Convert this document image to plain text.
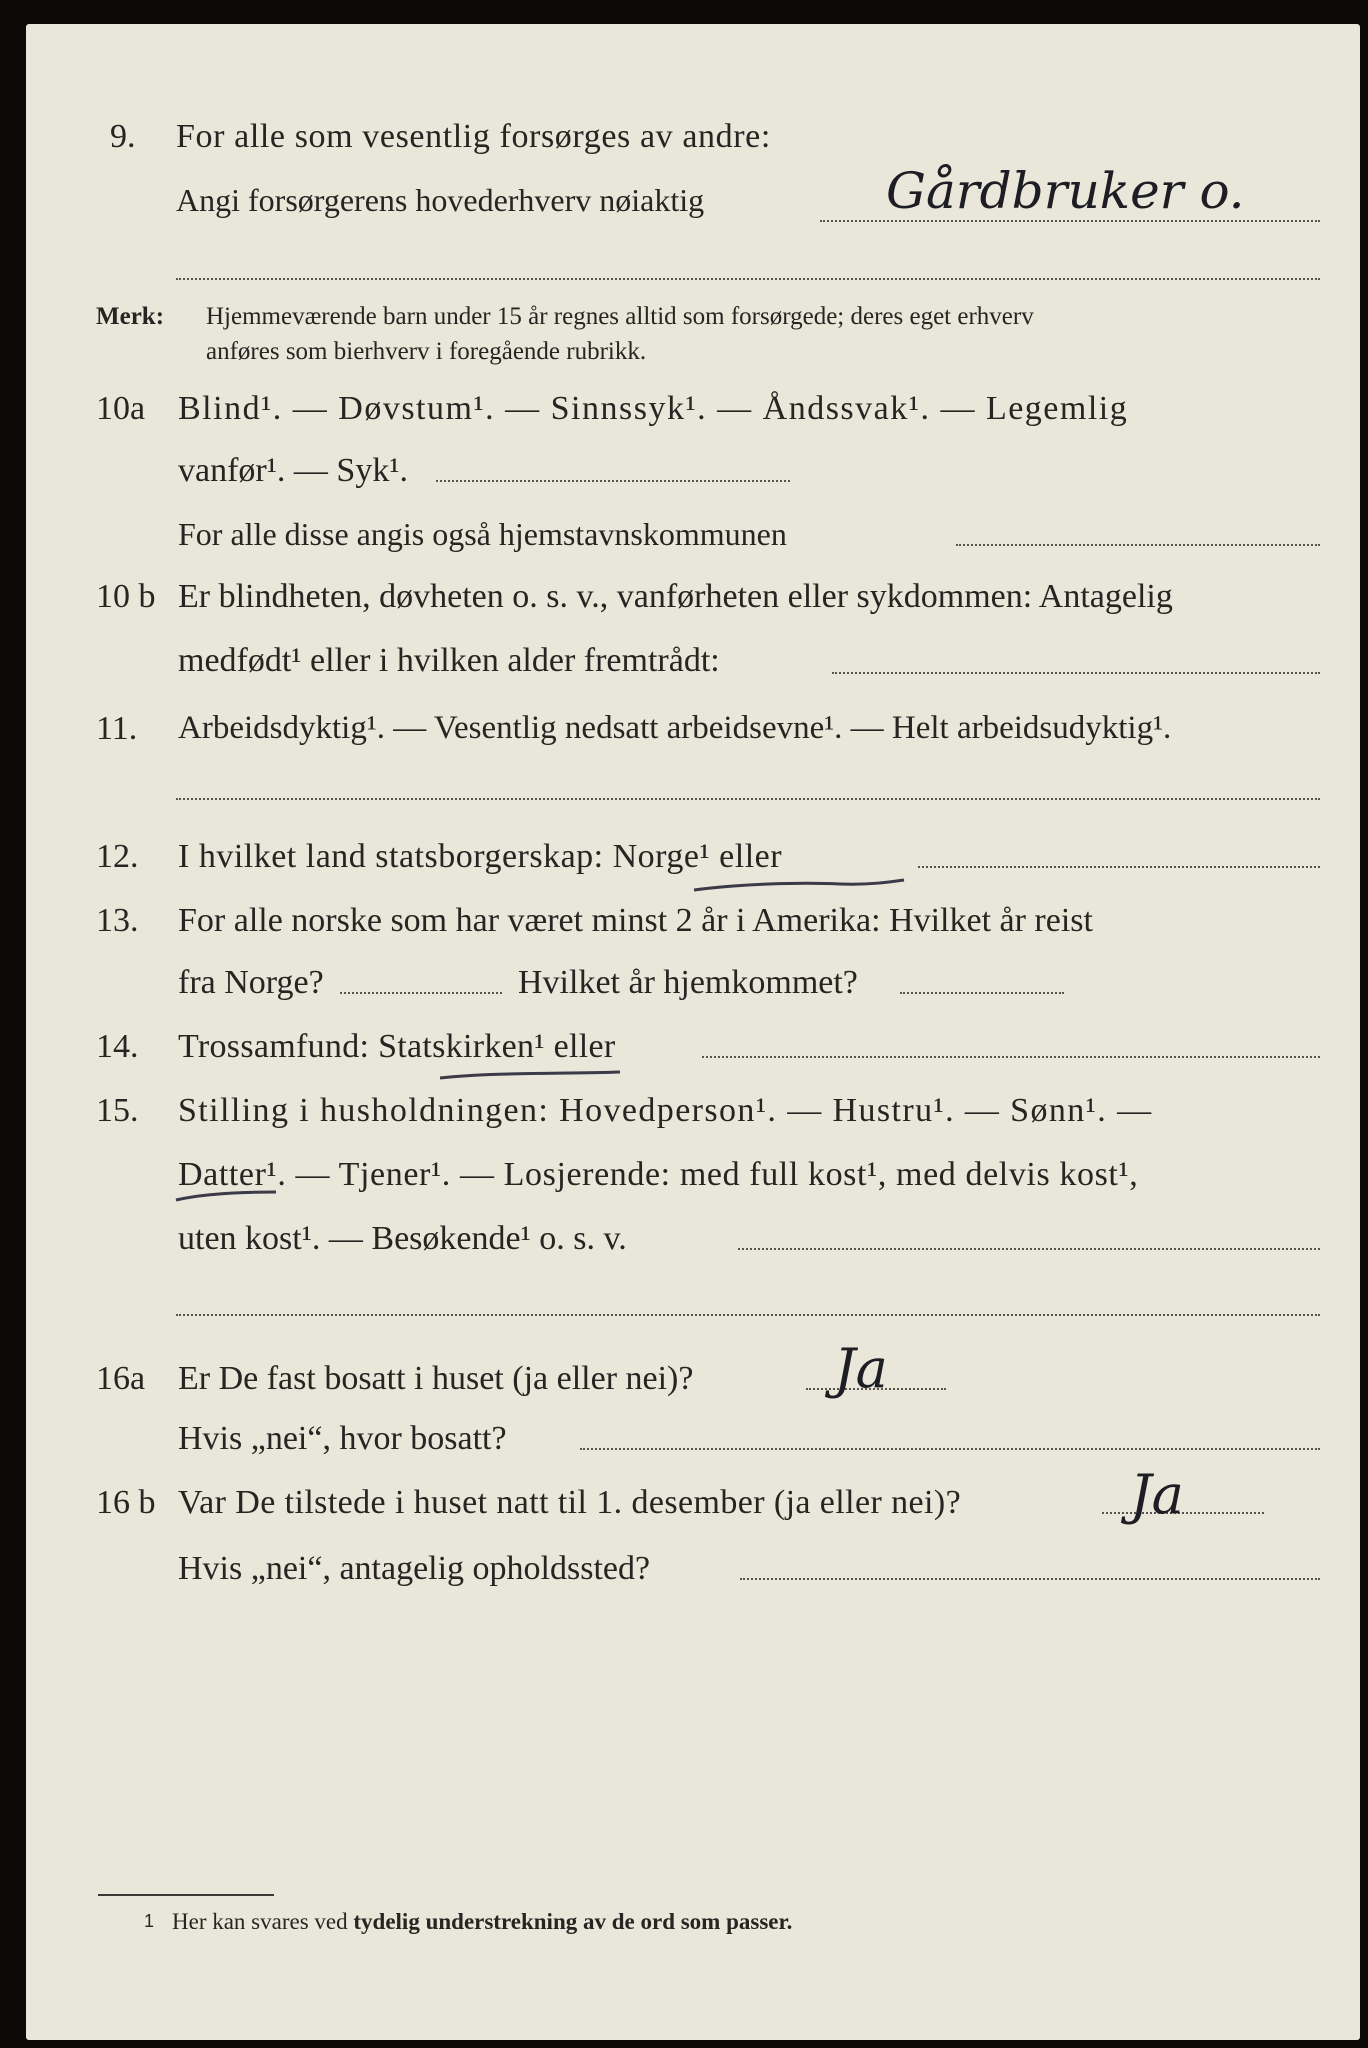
9. For alle som vesentlig forsørges av andre:
Angi forsørgerens hovederhverv nøiaktig	Gårdbruker o.
Merk: Hjemmeværende barn under 15 år regnes alltid som forsørgede; deres eget erhverv
anføres som bierhverv i foregående rubrikk.
10a Blind¹. — Døvstum¹. — Sinnssyk¹. — Åndssvak¹. — Legemlig
vanfør¹. — Syk¹.
For alle disse angis også hjemstavnskommunen
10 b Er blindheten, døvheten o. s. v., vanførheten eller sykdommen: Antagelig
medfødt¹ eller i hvilken alder fremtrådt:
11. Arbeidsdyktig¹. — Vesentlig nedsatt arbeidsevne¹. — Helt arbeidsudyktig¹.
12. I hvilket land statsborgerskap: Norge¹ eller
13. For alle norske som har været minst 2 år i Amerika: Hvilket år reist
fra Norge?	Hvilket år hjemkommet?
14. Trossamfund: Statskirken¹ eller
15. Stilling i husholdningen: Hovedperson¹. — Hustru¹. — Sønn¹. —
Datter¹. — Tjener¹. — Losjerende: med full kost¹, med delvis kost¹,
uten kost¹. — Besøkende¹ o. s. v.
16a Er De fast bosatt i huset (ja eller nei)?	Ja
Hvis „nei“, hvor bosatt?
16 b Var De tilstede i huset natt til 1. desember (ja eller nei)?	Ja
Hvis „nei“, antagelig opholdssted?
1 Her kan svares ved tydelig understrekning av de ord som passer.
